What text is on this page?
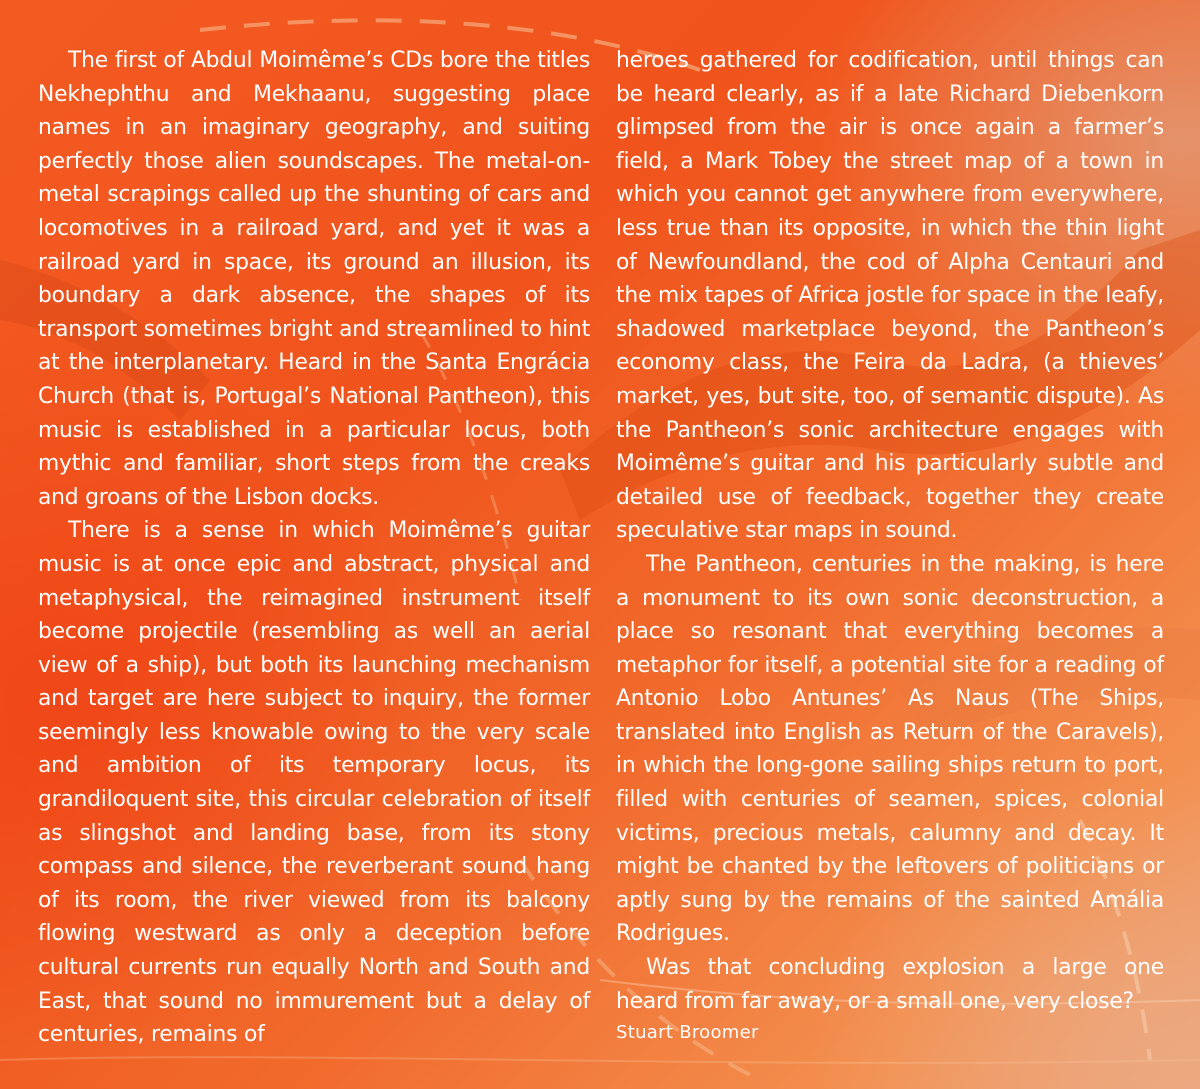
The first of Abdul Moimême’s CDs bore the titles Nekhephthu and Mekhaanu, suggesting place names in an imaginary geography, and suiting perfectly those alien soundscapes. The metal-on-metal scrapings called up the shunting of cars and locomotives in a railroad yard, and yet it was a railroad yard in space, its ground an illusion, its boundary a dark absence, the shapes of its transport sometimes bright and streamlined to hint at the interplanetary. Heard in the Santa Engrácia Church (that is, Portugal’s National Pantheon), this music is established in a particular locus, both mythic and familiar, short steps from the creaks and groans of the Lisbon docks.

There is a sense in which Moimême’s guitar music is at once epic and abstract, physical and metaphysical, the reimagined instrument itself become projectile (resembling as well an aerial view of a ship), but both its launching mechanism and target are here subject to inquiry, the former seemingly less knowable owing to the very scale and ambition of its temporary locus, its grandiloquent site, this circular celebration of itself as slingshot and landing base, from its stony compass and silence, the reverberant sound hang of its room, the river viewed from its balcony flowing westward as only a deception before cultural currents run equally North and South and East, that sound no immurement but a delay of centuries, remains of

heroes gathered for codification, until things can be heard clearly, as if a late Richard Diebenkorn glimpsed from the air is once again a farmer’s field, a Mark Tobey the street map of a town in which you cannot get anywhere from everywhere, less true than its opposite, in which the thin light of Newfoundland, the cod of Alpha Centauri and the mix tapes of Africa jostle for space in the leafy, shadowed marketplace beyond, the Pantheon’s economy class, the Feira da Ladra, (a thieves’ market, yes, but site, too, of semantic dispute). As the Pantheon’s sonic architecture engages with Moimême’s guitar and his particularly subtle and detailed use of feedback, together they create speculative star maps in sound.

The Pantheon, centuries in the making, is here a monument to its own sonic deconstruction, a place so resonant that everything becomes a metaphor for itself, a potential site for a reading of Antonio Lobo Antunes’ As Naus (The Ships, translated into English as Return of the Caravels), in which the long-gone sailing ships return to port, filled with centuries of seamen, spices, colonial victims, precious metals, calumny and decay. It might be chanted by the leftovers of politicians or aptly sung by the remains of the sainted Amália Rodrigues.

Was that concluding explosion a large one heard from far away, or a small one, very close?

Stuart Broomer
